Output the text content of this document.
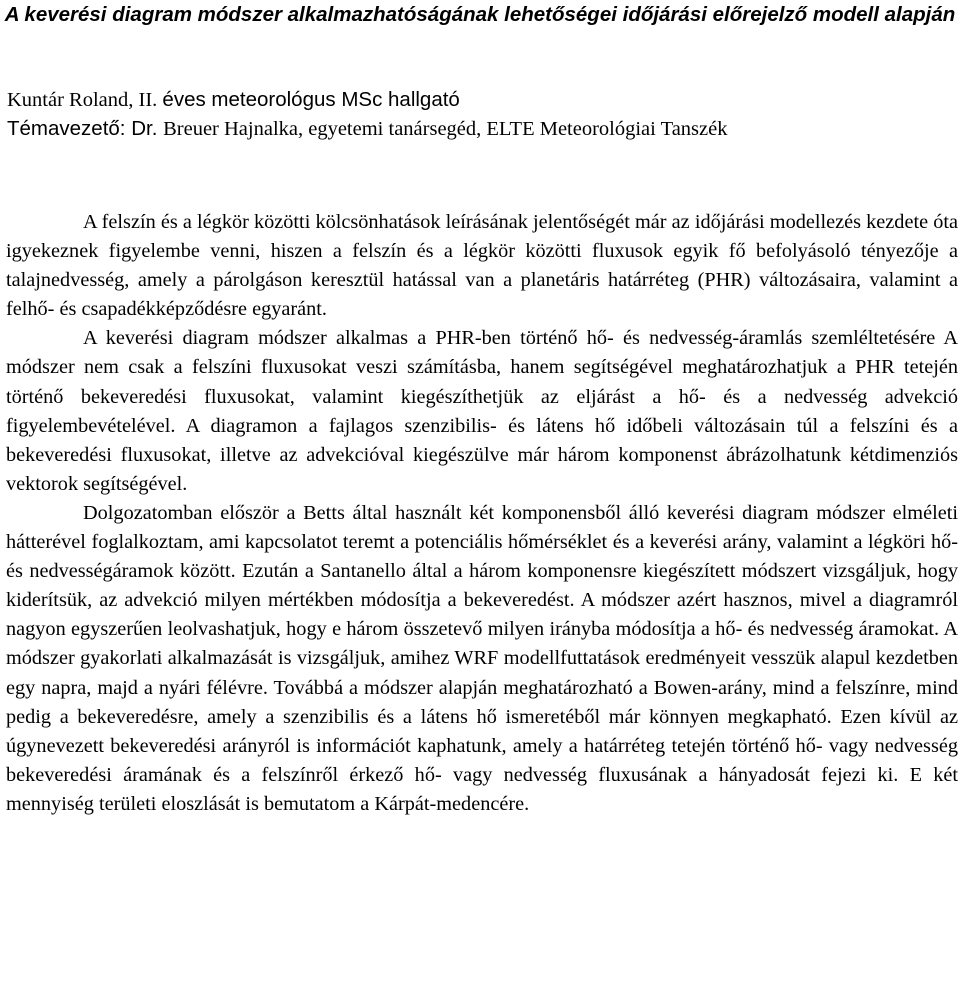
A keverési diagram módszer alkalmazhatóságának lehetőségei időjárási előrejelző modell alapján
Kuntár Roland, II. éves meteorológus MSc hallgató
Témavezető: Dr. Breuer Hajnalka, egyetemi tanársegéd, ELTE Meteorológiai Tanszék

A felszín és a légkör közötti kölcsönhatások leírásának jelentőségét már az időjárási modellezés kezdete óta igyekeznek figyelembe venni, hiszen a felszín és a légkör közötti fluxusok egyik fő befolyásoló tényezője a talajnedvesség, amely a párolgáson keresztül hatással van a planetáris határréteg (PHR) változásaira, valamint a felhő- és csapadékképződésre egyaránt.

A keverési diagram módszer alkalmas a PHR-ben történő hő- és nedvesség-áramlás szemléltetésére A módszer nem csak a felszíni fluxusokat veszi számításba, hanem segítségével meghatározhatjuk a PHR tetején történő bekeveredési fluxusokat, valamint kiegészíthetjük az eljárást a hő- és a nedvesség advekció figyelembevételével. A diagramon a fajlagos szenzibilis- és látens hő időbeli változásain túl a felszíni és a bekeveredési fluxusokat, illetve az advekcióval kiegészülve már három komponenst ábrázolhatunk kétdimenziós vektorok segítségével.

Dolgozatomban először a Betts által használt két komponensből álló keverési diagram módszer elméleti hátterével foglalkoztam, ami kapcsolatot teremt a potenciális hőmérséklet és a keverési arány, valamint a légköri hő- és nedvességáramok között. Ezután a Santanello által a három komponensre kiegészített módszert vizsgáljuk, hogy kiderítsük, az advekció milyen mértékben módosítja a bekeveredést. A módszer azért hasznos, mivel a diagramról nagyon egyszerűen leolvashatjuk, hogy e három összetevő milyen irányba módosítja a hő- és nedvesség áramokat. A módszer gyakorlati alkalmazását is vizsgáljuk, amihez WRF modellfuttatások eredményeit vesszük alapul kezdetben egy napra, majd a nyári félévre. Továbbá a módszer alapján meghatározható a Bowen-arány, mind a felszínre, mind pedig a bekeveredésre, amely a szenzibilis és a látens hő ismeretéből már könnyen megkapható. Ezen kívül az úgynevezett bekeveredési arányról is információt kaphatunk, amely a határréteg tetején történő hő- vagy nedvesség bekeveredési áramának és a felszínről érkező hő- vagy nedvesség fluxusának a hányadosát fejezi ki. E két mennyiség területi eloszlását is bemutatom a Kárpát-medencére.
